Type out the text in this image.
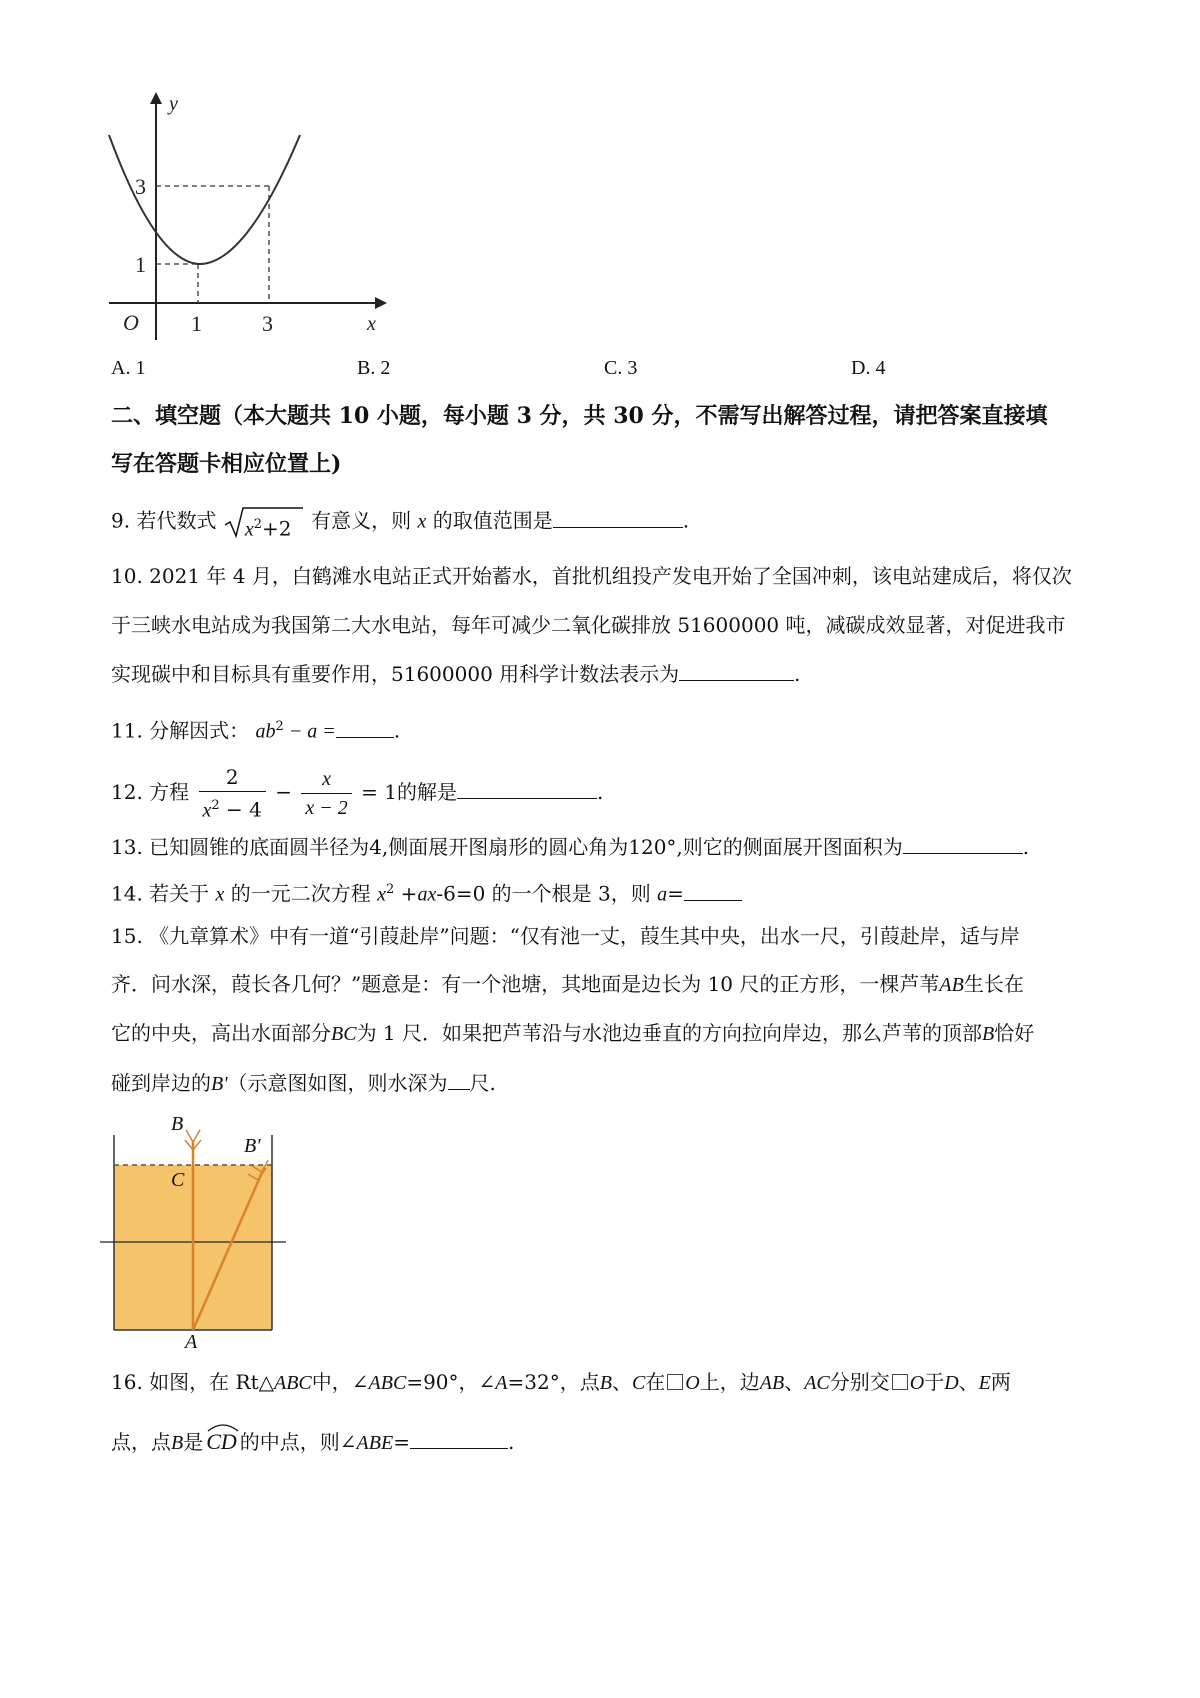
y
x
O
3
1
1	3
A. 1	B. 2	C. 3	D. 4
二、填空题（本大题共 10 小题，每小题 3 分，共 30 分，不需写出解答过程，请把答案直接填
写在答题卡相应位置上)
9. 若代数式 $x^2+2$ 有意义，则 x 的取值范围是	.
10. 2021 年 4 月，白鹤滩水电站正式开始蓄水，首批机组投产发电开始了全国冲刺，该电站建成后，将仅次
于三峡水电站成为我国第二大水电站，每年可减少二氧化碳排放 51600000 吨，减碳成效显著，对促进我市
实现碳中和目标具有重要作用，51600000 用科学计数法表示为	.
11. 分解因式： $ab^2 - a$ =	.
12. 方程 $\frac{2}{x^2 - 4} - \frac{x}{x - 2} = 1$的解是	.
13. 已知圆锥的底面圆半径为4,侧面展开图扇形的圆心角为120°,则它的侧面展开图面积为	.
14. 若关于 x 的一元二次方程 $x^2 +ax-6=0$ 的一个根是 3，则 a=
15. 《九章算术》中有一道“引葭赴岸”问题：“仅有池一丈，葭生其中央，出水一尺，引葭赴岸，适与岸
齐．问水深，葭长各几何？”题意是：有一个池塘，其地面是边长为 10 尺的正方形，一棵芦苇AB生长在
它的中央，高出水面部分BC为 1 尺．如果把芦苇沿与水池边垂直的方向拉向岸边，那么芦苇的顶部B恰好
碰到岸边的B'（示意图如图，则水深为 尺.
B
C
B′
A
16. 如图，在 Rt△ABC中，∠ABC=90°，∠A=32°，点B、C在 O上，边AB、AC分别交 O于D、E两
点，点B是 CD 的中点，则∠ABE=	.
